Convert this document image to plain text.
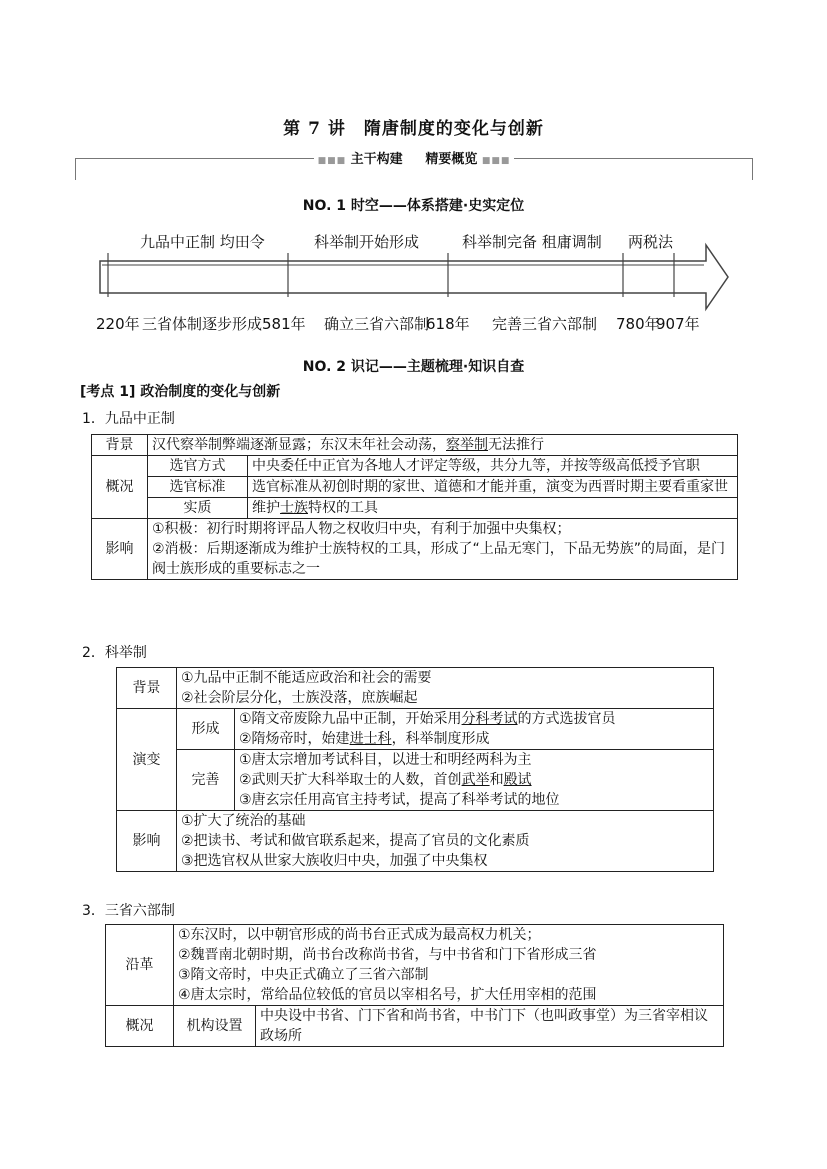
第 7 讲　隋唐制度的变化与创新
■■■ 主干构建 精要概览 ■■■
NO. 1 时空——体系搭建·史实定位
九品中正制 均田令	科举制开始形成	科举制完备 租庸调制 两税法
220年 三省体制逐步形成 581年 确立三省六部制
618年 完善三省六部制 780年
907年
NO. 2 识记——主题梳理·知识自查
[考点 1] 政治制度的变化与创新
1．九品中正制
背景	汉代察举制弊端逐渐显露；东汉末年社会动荡，察举制无法推行	
概况	选官方式	中央委任中正官为各地人才评定等级，共分九等，并按等级高低授予官职
	选官标准	选官标准从初创时期的家世、道德和才能并重，演变为西晋时期主要看重家世
	实质	维护士族特权的工具
影响	①积极：初行时期将评品人物之权收归中央，有利于加强中央集权；
②消极：后期逐渐成为维护士族特权的工具，形成了“上品无寒门，下品无势族”的局面，是门阀士族形成的重要标志之一	
2．科举制
背景	①九品中正制不能适应政治和社会的需要
②社会阶层分化，士族没落，庶族崛起	

演变	形成	①隋文帝废除九品中正制，开始采用分科考试的方式选拔官员
②隋炀帝时，始建进士科，科举制度形成

	完善	①唐太宗增加考试科目，以进士和明经两科为主
②武则天扩大科举取士的人数，首创武举和殿试
③唐玄宗任用高官主持考试，提高了科举考试的地位

影响	①扩大了统治的基础
②把读书、考试和做官联系起来，提高了官员的文化素质
③把选官权从世家大族收归中央，加强了中央集权	
3．三省六部制
沿革	①东汉时，以中朝官形成的尚书台正式成为最高权力机关；
②魏晋南北朝时期，尚书台改称尚书省，与中书省和门下省形成三省
③隋文帝时，中央正式确立了三省六部制
④唐太宗时，常给品位较低的官员以宰相名号，扩大任用宰相的范围	

概况	机构设置	中央设中书省、门下省和尚书省，中书门下（也叫政事堂）为三省宰相议政场所
